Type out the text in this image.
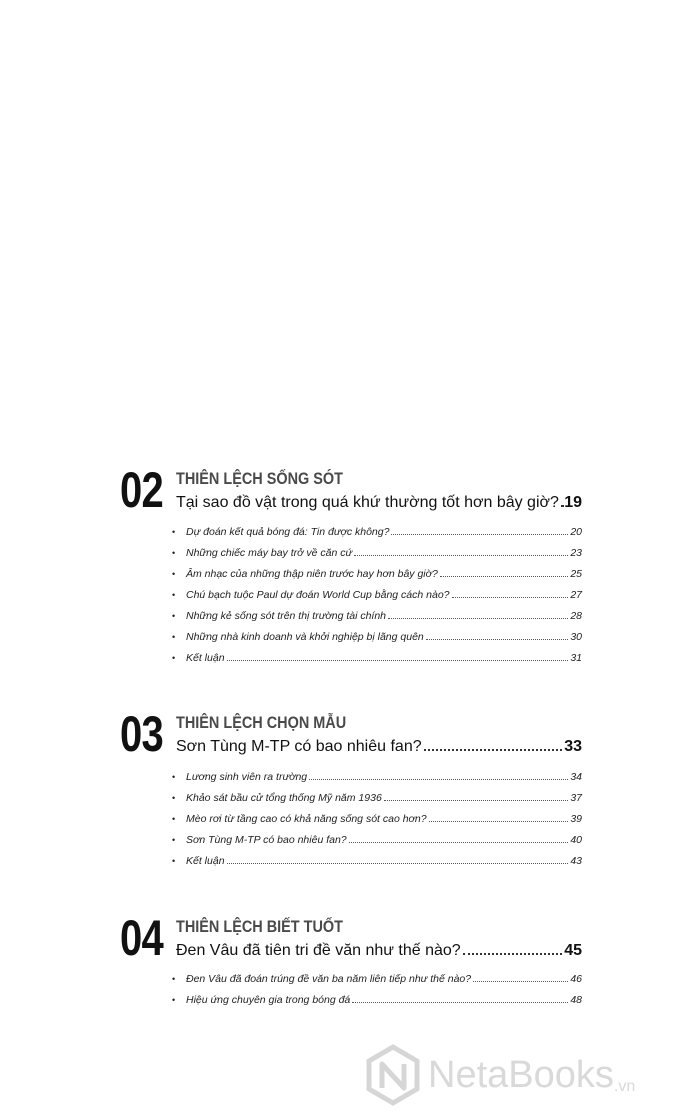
02 THIÊN LỆCH SỐNG SÓT
Tại sao đồ vật trong quá khứ thường tốt hơn bây giờ? 19
•	Dự đoán kết quả bóng đá: Tin được không?	20
•	Những chiếc máy bay trở về căn cứ	23
•	Âm nhạc của những thập niên trước hay hơn bây giờ?	25
•	Chú bạch tuộc Paul dự đoán World Cup bằng cách nào?	27
•	Những kẻ sống sót trên thị trường tài chính	28
•	Những nhà kinh doanh và khởi nghiệp bị lãng quên	30
•	Kết luận	31
03 THIÊN LỆCH CHỌN MẪU
Sơn Tùng M-TP có bao nhiêu fan?	33
•	Lương sinh viên ra trường	34
•	Khảo sát bầu cử tổng thống Mỹ năm 1936	37
•	Mèo rơi từ tầng cao có khả năng sống sót cao hơn?	39
•	Sơn Tùng M-TP có bao nhiêu fan?	40
•	Kết luận	43
04 THIÊN LỆCH BIẾT TUỐT
Đen Vâu đã tiên tri đề văn như thế nào?	45
•	Đen Vâu đã đoán trúng đề văn ba năm liên tiếp như thế nào?	46
•	Hiệu ứng chuyên gia trong bóng đá	48
NetaBooks .vn
